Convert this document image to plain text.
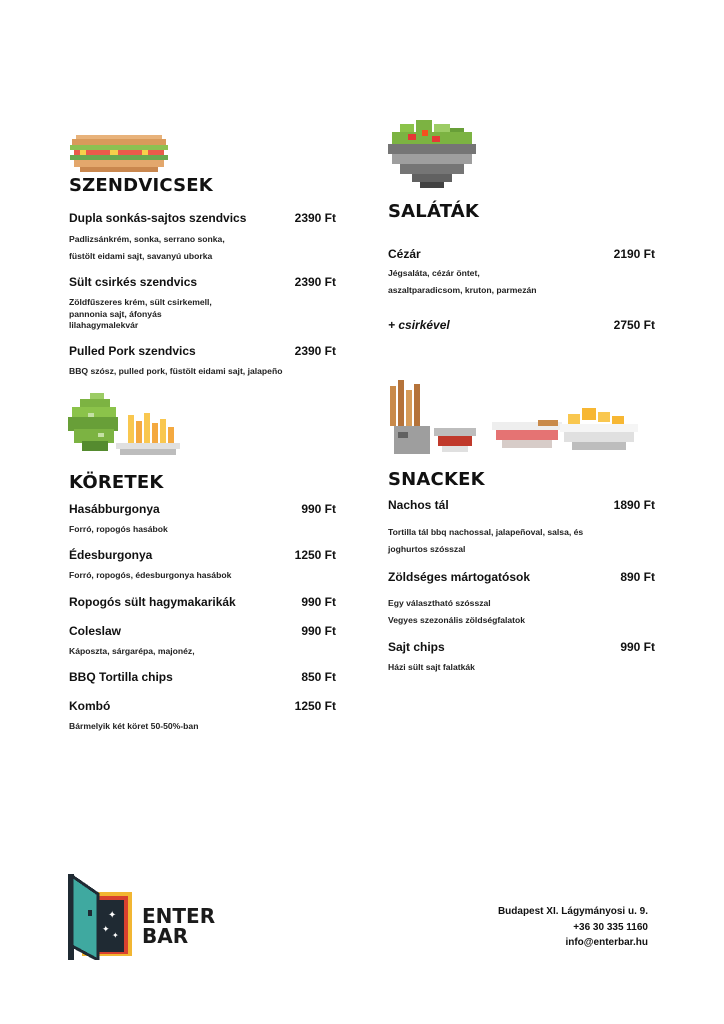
SZENDVICSEK
Dupla sonkás-sajtos szendvics	2390 Ft
Padlizsánkrém, sonka, serrano sonka,
füstölt eidami sajt, savanyú uborka
Sült csirkés szendvics	2390 Ft
Zöldfűszeres krém, sült csirkemell,
pannonia sajt, áfonyás
lilahagymalekvár
Pulled Pork szendvics	2390 Ft
BBQ szósz, pulled pork, füstölt eidami sajt, jalapeño
KÖRETEK
Hasábburgonya	990 Ft
Forró, ropogós hasábok
Édesburgonya	1250 Ft
Forró, ropogós, édesburgonya hasábok
Ropogós sült hagymakarikák	990 Ft
Coleslaw	990 Ft
Káposzta, sárgarépa, majonéz,
BBQ Tortilla chips	850 Ft
Kombó	1250 Ft
Bármelyik két köret 50-50%-ban
SALÁTÁK
Cézár	2190 Ft
Jégsaláta, cézár öntet,
aszaltparadicsom, kruton, parmezán
+ csirkével	2750 Ft
SNACKEK
Nachos tál	1890 Ft
Tortilla tál bbq nachossal, jalapeñoval, salsa, és
joghurtos szósszal
Zöldséges mártogatósok	890 Ft
Egy választható szósszal
Vegyes szezonális zöldségfalatok
Sajt chips	990 Ft
Házi sült sajt falatkák
✦
✦
✦
ENTER
BAR
Budapest XI. Lágymányosi u. 9.
+36 30 335 1160
info@enterbar.hu
